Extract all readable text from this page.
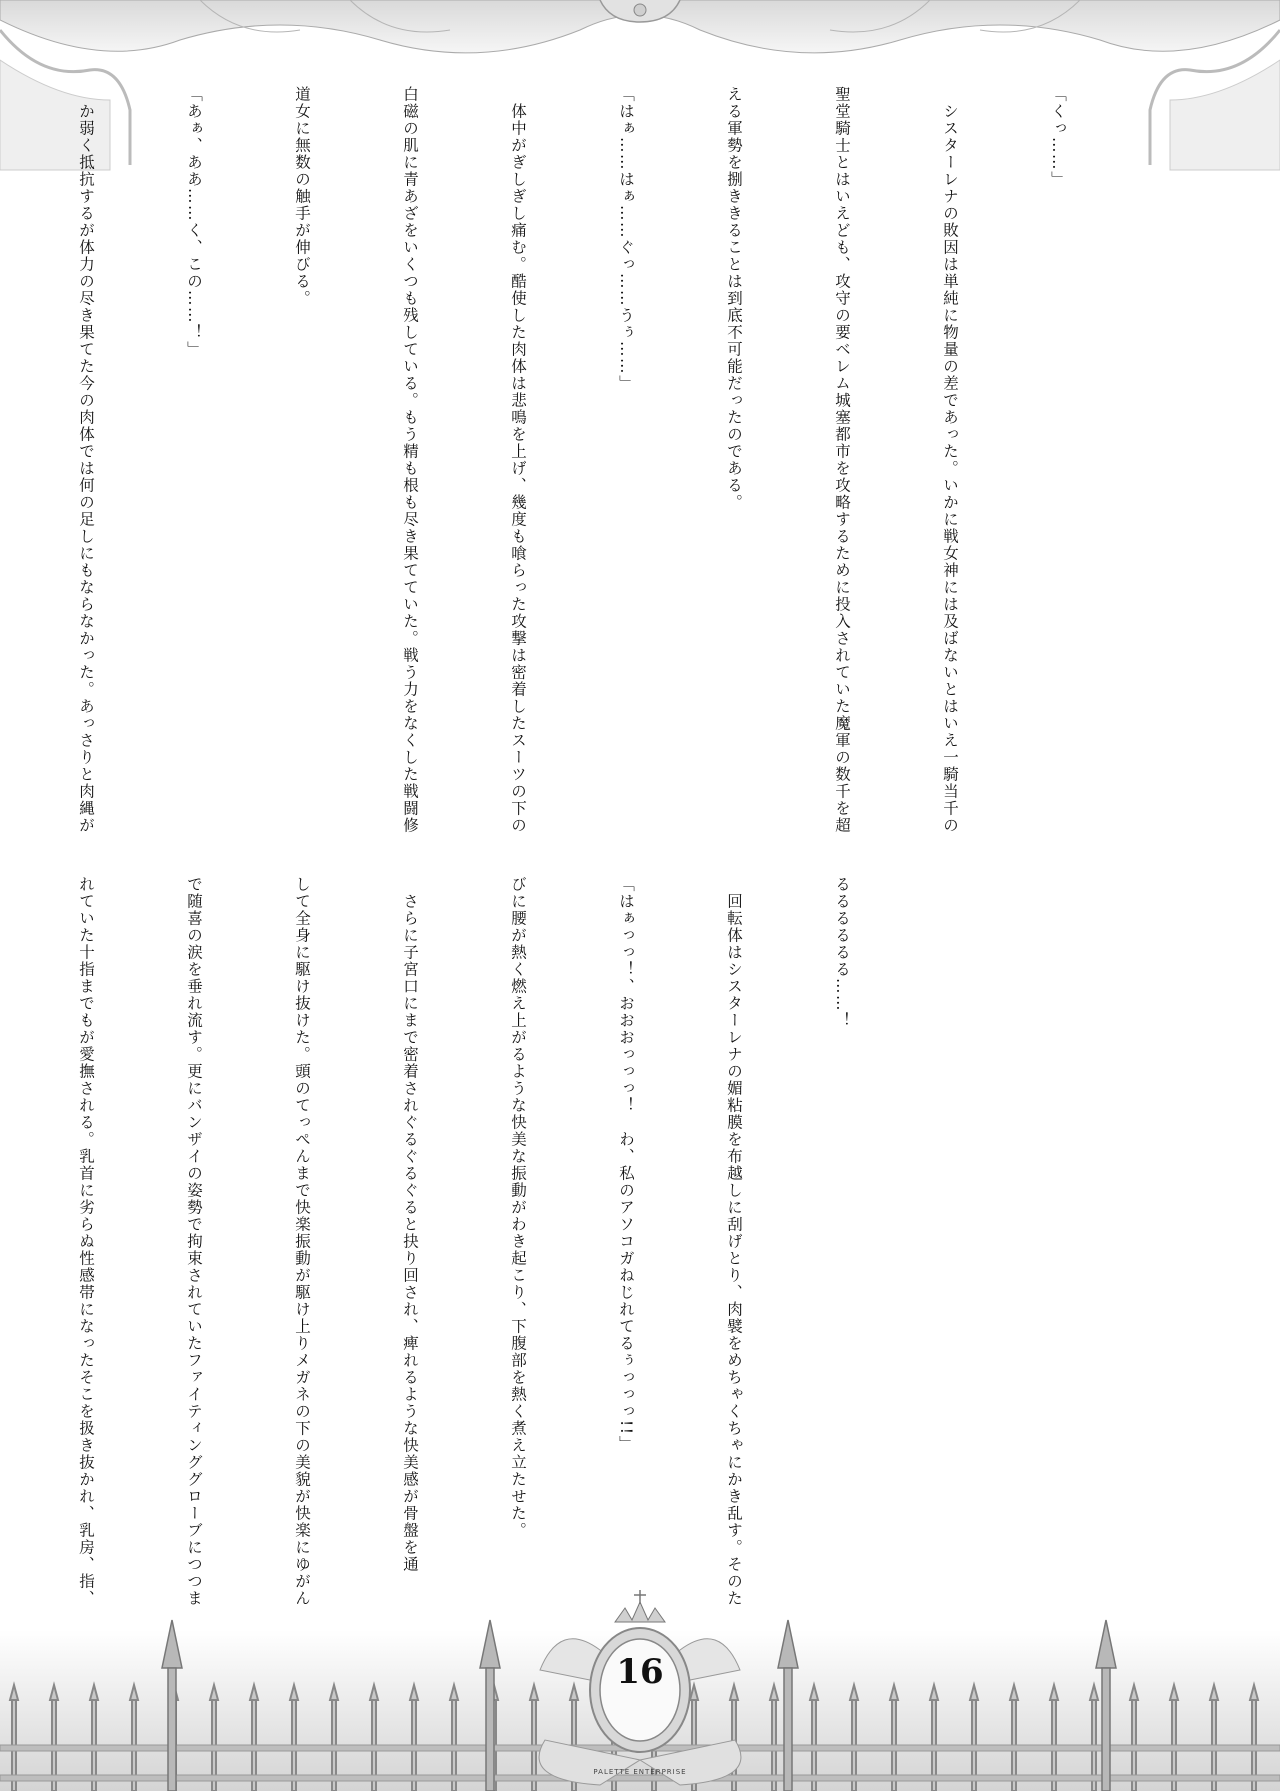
「くっ……」

　シスターレナの敗因は単純に物量の差であった。いかに戦女神には及ばないとはいえ一騎当千の

聖堂騎士とはいえども、攻守の要ベレム城塞都市を攻略するために投入されていた魔軍の数千を超

える軍勢を捌ききることは到底不可能だったのである。

「はぁ……はぁ……ぐっ……うぅ……」

　体中がぎしぎし痛む。酷使した肉体は悲鳴を上げ、幾度も喰らった攻撃は密着したスーツの下の

白磁の肌に青あざをいくつも残している。もう精も根も尽き果てていた。戦う力をなくした戦闘修

道女に無数の触手が伸びる。

「あぁ、ああ……く、この……！」

　か弱く抵抗するが体力の尽き果てた今の肉体では何の足しにもならなかった。あっさりと肉縄が

るるるるるる……！

　回転体はシスターレナの媚粘膜を布越しに刮げとり、肉襞をめちゃくちゃにかき乱す。そのた

「はぁっっ！、おおおっっっ！　わ、私のアソコガねじれてるぅっっっ!!」

びに腰が熱く燃え上がるような快美な振動がわき起こり、下腹部を熱く煮え立たせた。

　さらに子宮口にまで密着されぐるぐるぐると抉り回され、痺れるような快美感が骨盤を通

して全身に駆け抜けた。頭のてっぺんまで快楽振動が駆け上りメガネの下の美貌が快楽にゆがん

で随喜の涙を垂れ流す。更にバンザイの姿勢で拘束されていたファイティンググローブにつつま

れていた十指までもが愛撫される。乳首に劣らぬ性感帯になったそこを扱き抜かれ、乳房、指、

16
PALETTE ENTERPRISE
